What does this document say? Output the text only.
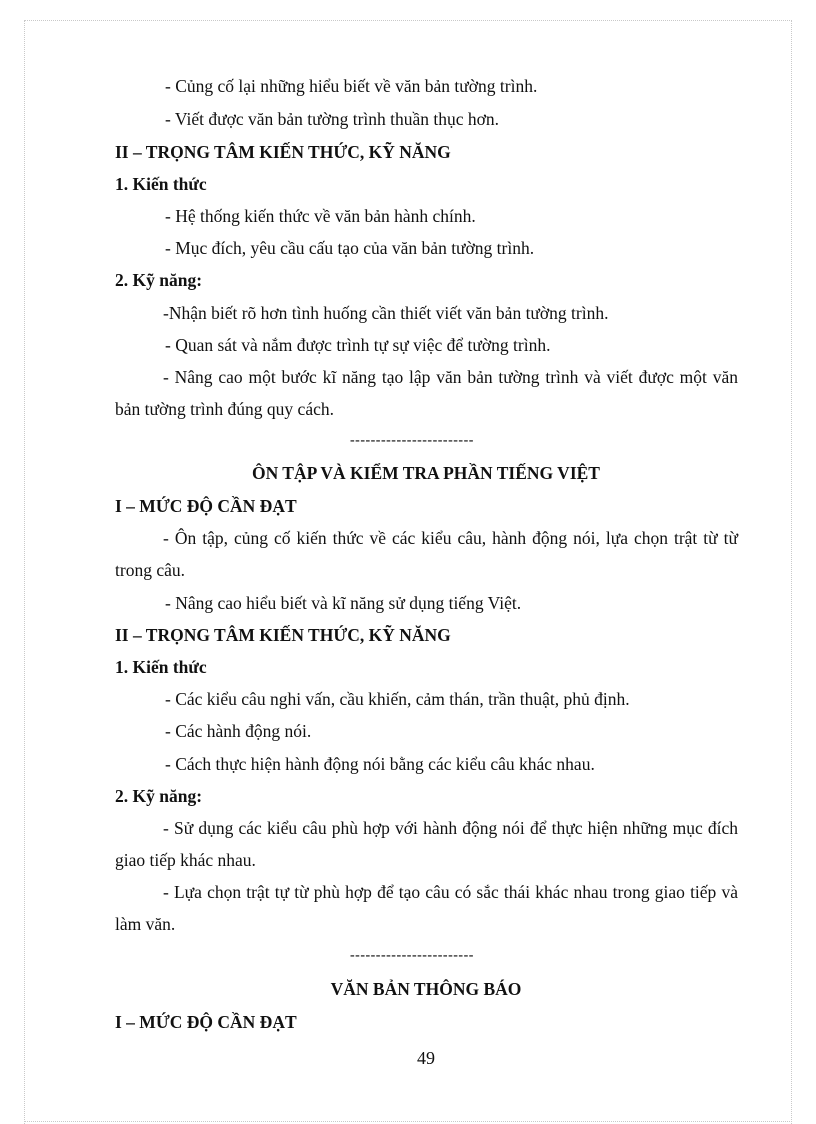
- Củng cố lại những hiểu biết về văn bản tường trình.
- Viết được văn bản tường trình thuần thục hơn.
II – TRỌNG TÂM KIẾN THỨC, KỸ NĂNG
1. Kiến thức
- Hệ thống kiến thức về văn bản hành chính.
- Mục đích, yêu cầu cấu tạo của văn bản tường trình.
2. Kỹ năng:
-Nhận biết rõ hơn tình huống cần thiết viết văn bản tường trình.
- Quan sát và nắm được trình tự sự việc để tường trình.
- Nâng cao một bước kĩ năng tạo lập văn bản tường trình và viết được một văn bản tường trình đúng quy cách.
------------------------
ÔN TẬP VÀ KIỂM TRA PHẦN TIẾNG VIỆT
I – MỨC ĐỘ CẦN ĐẠT
- Ôn tập, củng cố kiến thức về các kiểu câu, hành động nói, lựa chọn trật từ từ trong câu.
- Nâng cao hiểu biết và kĩ năng sử dụng tiếng Việt.
II – TRỌNG TÂM KIẾN THỨC, KỸ NĂNG
1. Kiến thức
- Các kiểu câu nghi vấn, cầu khiến, cảm thán, trần thuật, phủ định.
- Các hành động nói.
- Cách thực hiện hành động nói bằng các kiểu câu khác nhau.
2. Kỹ năng:
- Sử dụng các kiểu câu phù hợp với hành động nói để thực hiện những mục đích giao tiếp khác nhau.
- Lựa chọn trật tự từ phù hợp để tạo câu có sắc thái khác nhau trong giao tiếp và làm văn.
------------------------
VĂN BẢN THÔNG BÁO
I – MỨC ĐỘ CẦN ĐẠT
49
